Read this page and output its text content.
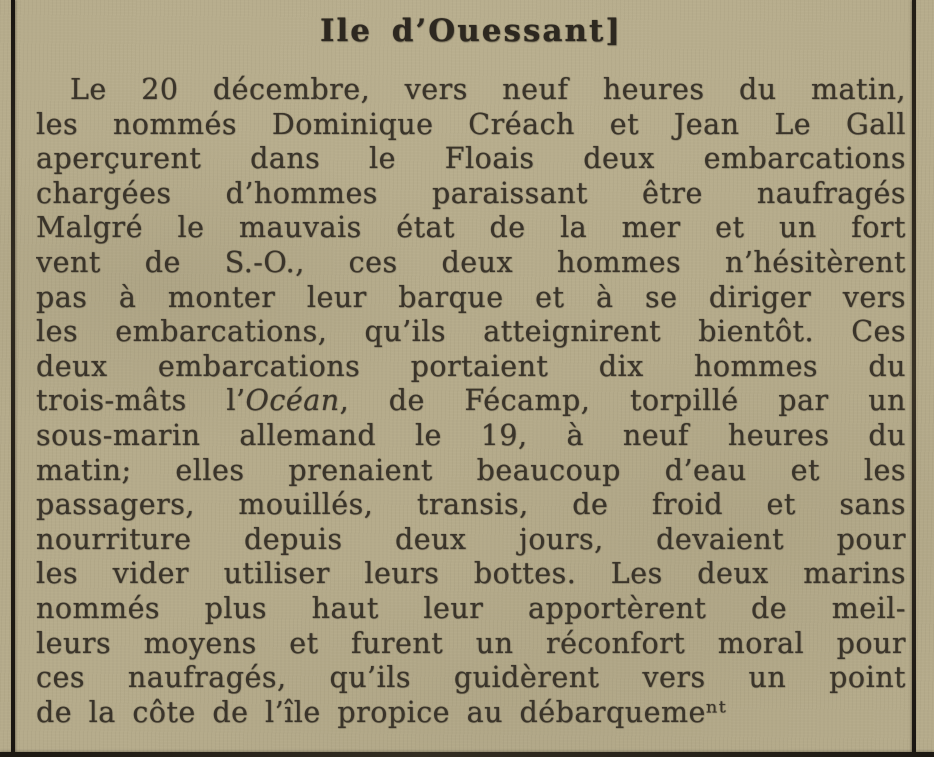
Ile d’Ouessant]
Le 20 décembre, vers neuf heures du matin,
les nommés Dominique Créach et Jean Le Gall
aperçurent dans le Floais deux embarcations
chargées d’hommes paraissant être naufragés
Malgré le mauvais état de la mer et un fort
vent de S.-O., ces deux hommes n’hésitèrent
pas à monter leur barque et à se diriger vers
les embarcations, qu’ils atteignirent bientôt. Ces
deux embarcations portaient dix hommes du
trois-mâts l’Océan, de Fécamp, torpillé par un
sous-marin allemand le 19, à neuf heures du
matin; elles prenaient beaucoup d’eau et les
passagers, mouillés, transis, de froid et sans
nourriture depuis deux jours, devaient pour
les vider utiliser leurs bottes. Les deux marins
nommés plus haut leur apportèrent de meil-
leurs moyens et furent un réconfort moral pour
ces naufragés, qu’ils guidèrent vers un point
de la côte de l’île propice au débarquemeⁿᵗ
